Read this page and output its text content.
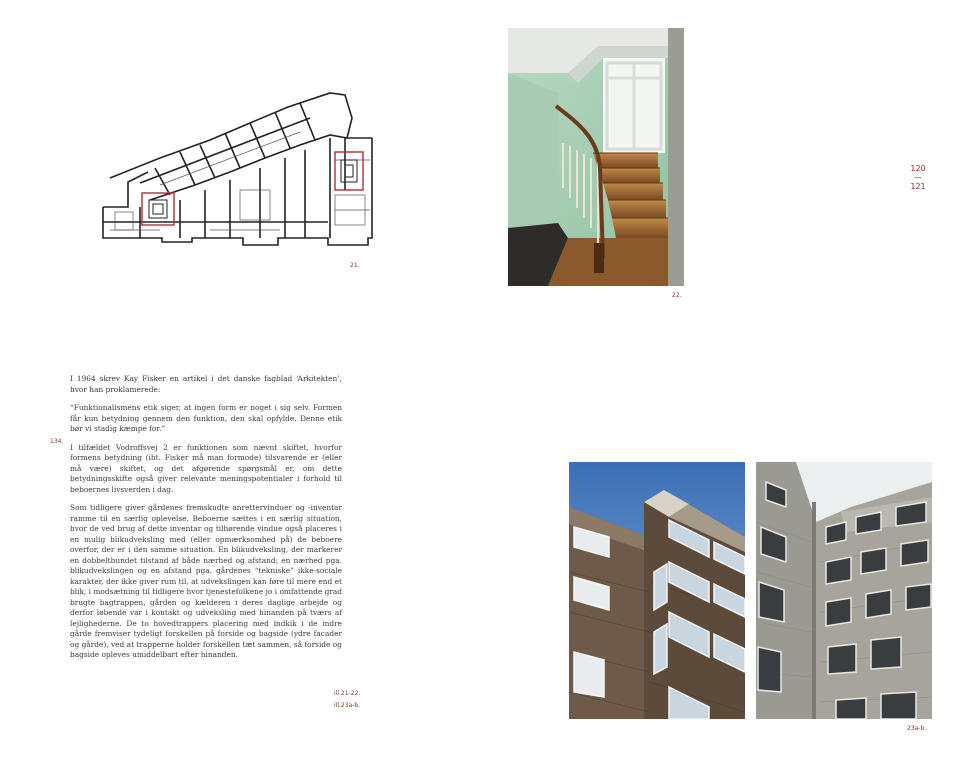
21.
22.
120
—
121

I 1964 skrev Kay Fisker en artikel i det danske fagblad ‘Arkitekten’, hvor han proklamerede:

“Funktionalismens etik siger, at ingen form er noget i sig selv. Formen får kun betydning gennem den funktion, den skal opfylde. Denne etik bør vi stadig kæmpe for.”

I tilfældet Vodroffsvej 2 er funktionen som nævnt skiftet, hvorfor formens betydning (iht. Fisker må man formode) tilsvarende er (eller må være) skiftet, og det afgørende spørgsmål er, om dette betydningsskifte også giver relevante meningspotentialer i forhold til beboernes livsverden i dag.

Som tidligere giver gårdenes fremskudte anrettervinduer og -inventar ramme til en særlig oplevelse. Beboerne sættes i en særlig situation, hvor de ved brug af dette inventar og tilhørende vindue også placeres i en mulig blikudveksling med (eller opmærksomhed på) de beboere overfor, der er i den samme situation. En blikudveksling, der markerer en dobbeltbundet tilstand af både nærhed og afstand; en nærhed pga. blikudvekslingen og en afstand pga. gårdenes “tekniske” ikke-sociale karakter, der ikke giver rum til, at udvekslingen kan føre til mere end et blik, i modsætning til tidligere hvor tjenestefolkene jo i omfattende grad brugte bagtrappen, gården og kælderen i deres daglige arbejde og derfor løbende var i kontakt og udveksling med hinanden på tværs af lejlighederne. De to hovedtrappers placering med indkik i de indre gårde fremviser tydeligt forskellen på forside og bagside (ydre facader og gårde), ved at trapperne holder forskellen tæt sammen, så forside og bagside opleves umiddelbart efter hinanden.

134.
ill.21-22.
ill.23a-b.
23a-b.
